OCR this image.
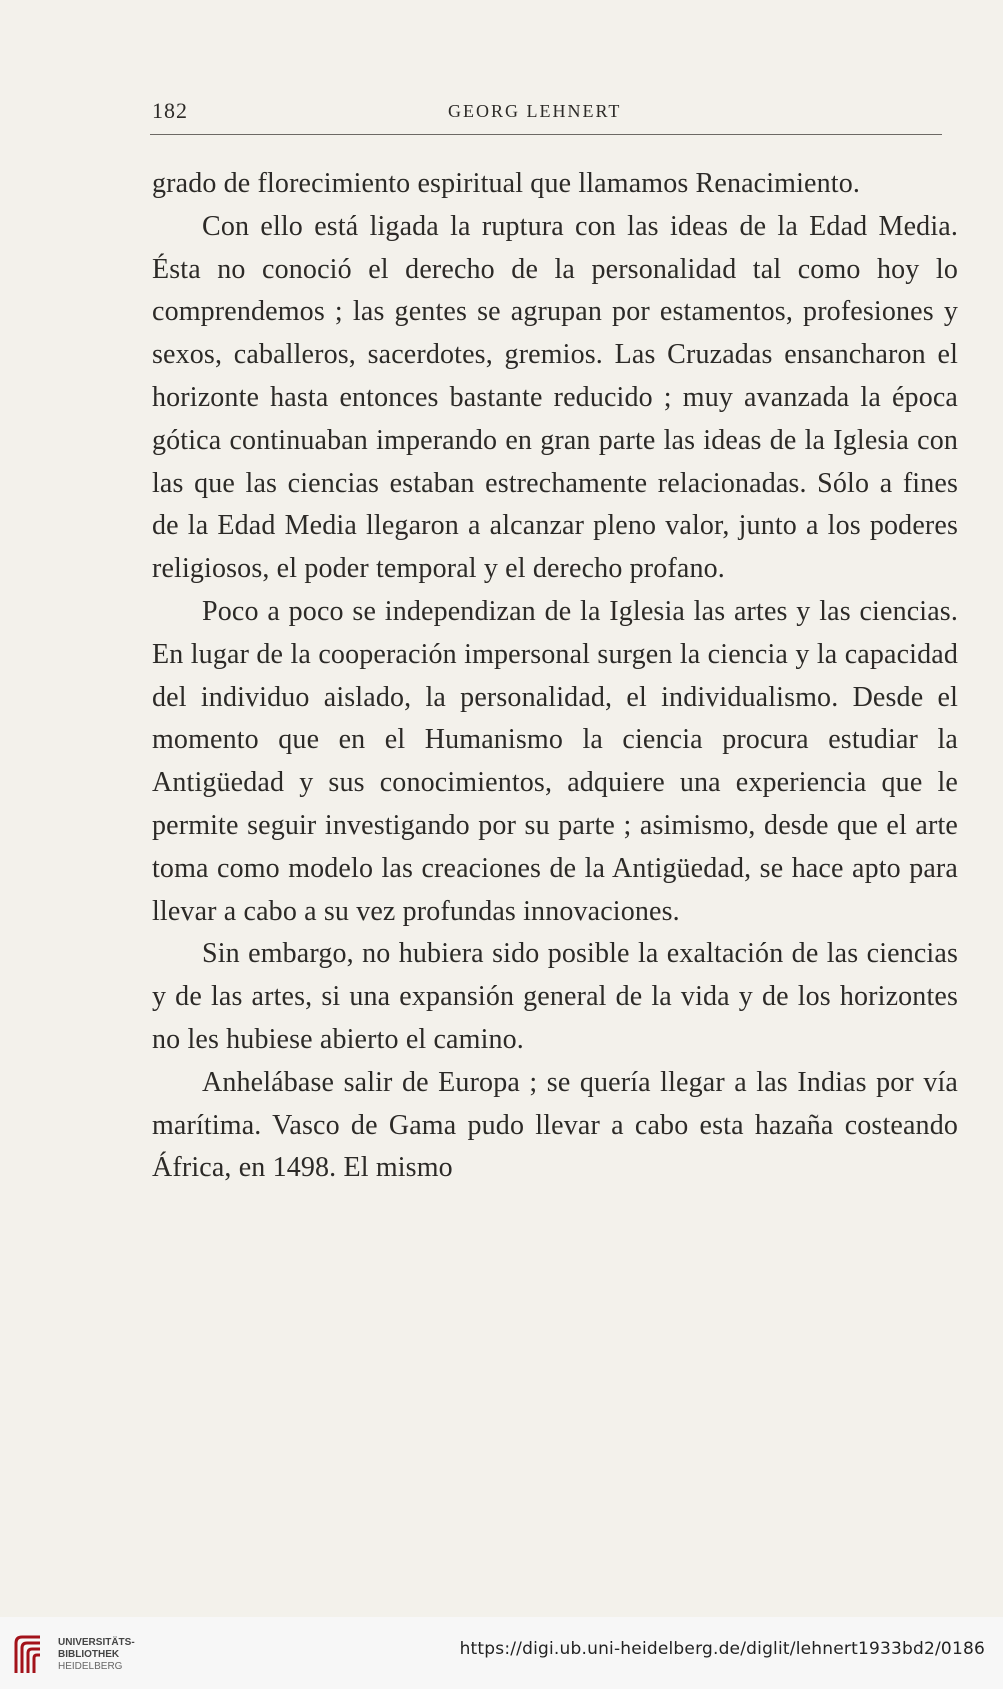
182	GEORG LEHNERT

grado de florecimiento espiritual que llamamos Renacimiento.

Con ello está ligada la ruptura con las ideas de la Edad Media. Ésta no conoció el derecho de la personalidad tal como hoy lo comprendemos ; las gentes se agrupan por estamentos, profesiones y sexos, caballeros, sacerdotes, gremios. Las Cruzadas ensancharon el horizonte hasta entonces bastante reducido ; muy avanzada la época gótica continuaban imperando en gran parte las ideas de la Iglesia con las que las ciencias estaban estrechamente relacionadas. Sólo a fines de la Edad Media llegaron a alcanzar pleno valor, junto a los poderes religiosos, el poder temporal y el derecho profano.

Poco a poco se independizan de la Iglesia las artes y las ciencias. En lugar de la cooperación impersonal surgen la ciencia y la capacidad del individuo aislado, la personalidad, el individualismo. Desde el momento que en el Humanismo la ciencia procura estudiar la Antigüedad y sus conocimientos, adquiere una experiencia que le permite seguir investigando por su parte ; asimismo, desde que el arte toma como modelo las creaciones de la Antigüedad, se hace apto para llevar a cabo a su vez profundas innovaciones.

Sin embargo, no hubiera sido posible la exaltación de las ciencias y de las artes, si una expansión general de la vida y de los horizontes no les hubiese abierto el camino.

Anhelábase salir de Europa ; se quería llegar a las Indias por vía marítima. Vasco de Gama pudo llevar a cabo esta hazaña costeando África, en 1498. El mismo

UNIVERSITÄTS-
BIBLIOTHEK
HEIDELBERG
https://digi.ub.uni-heidelberg.de/diglit/lehnert1933bd2/0186
